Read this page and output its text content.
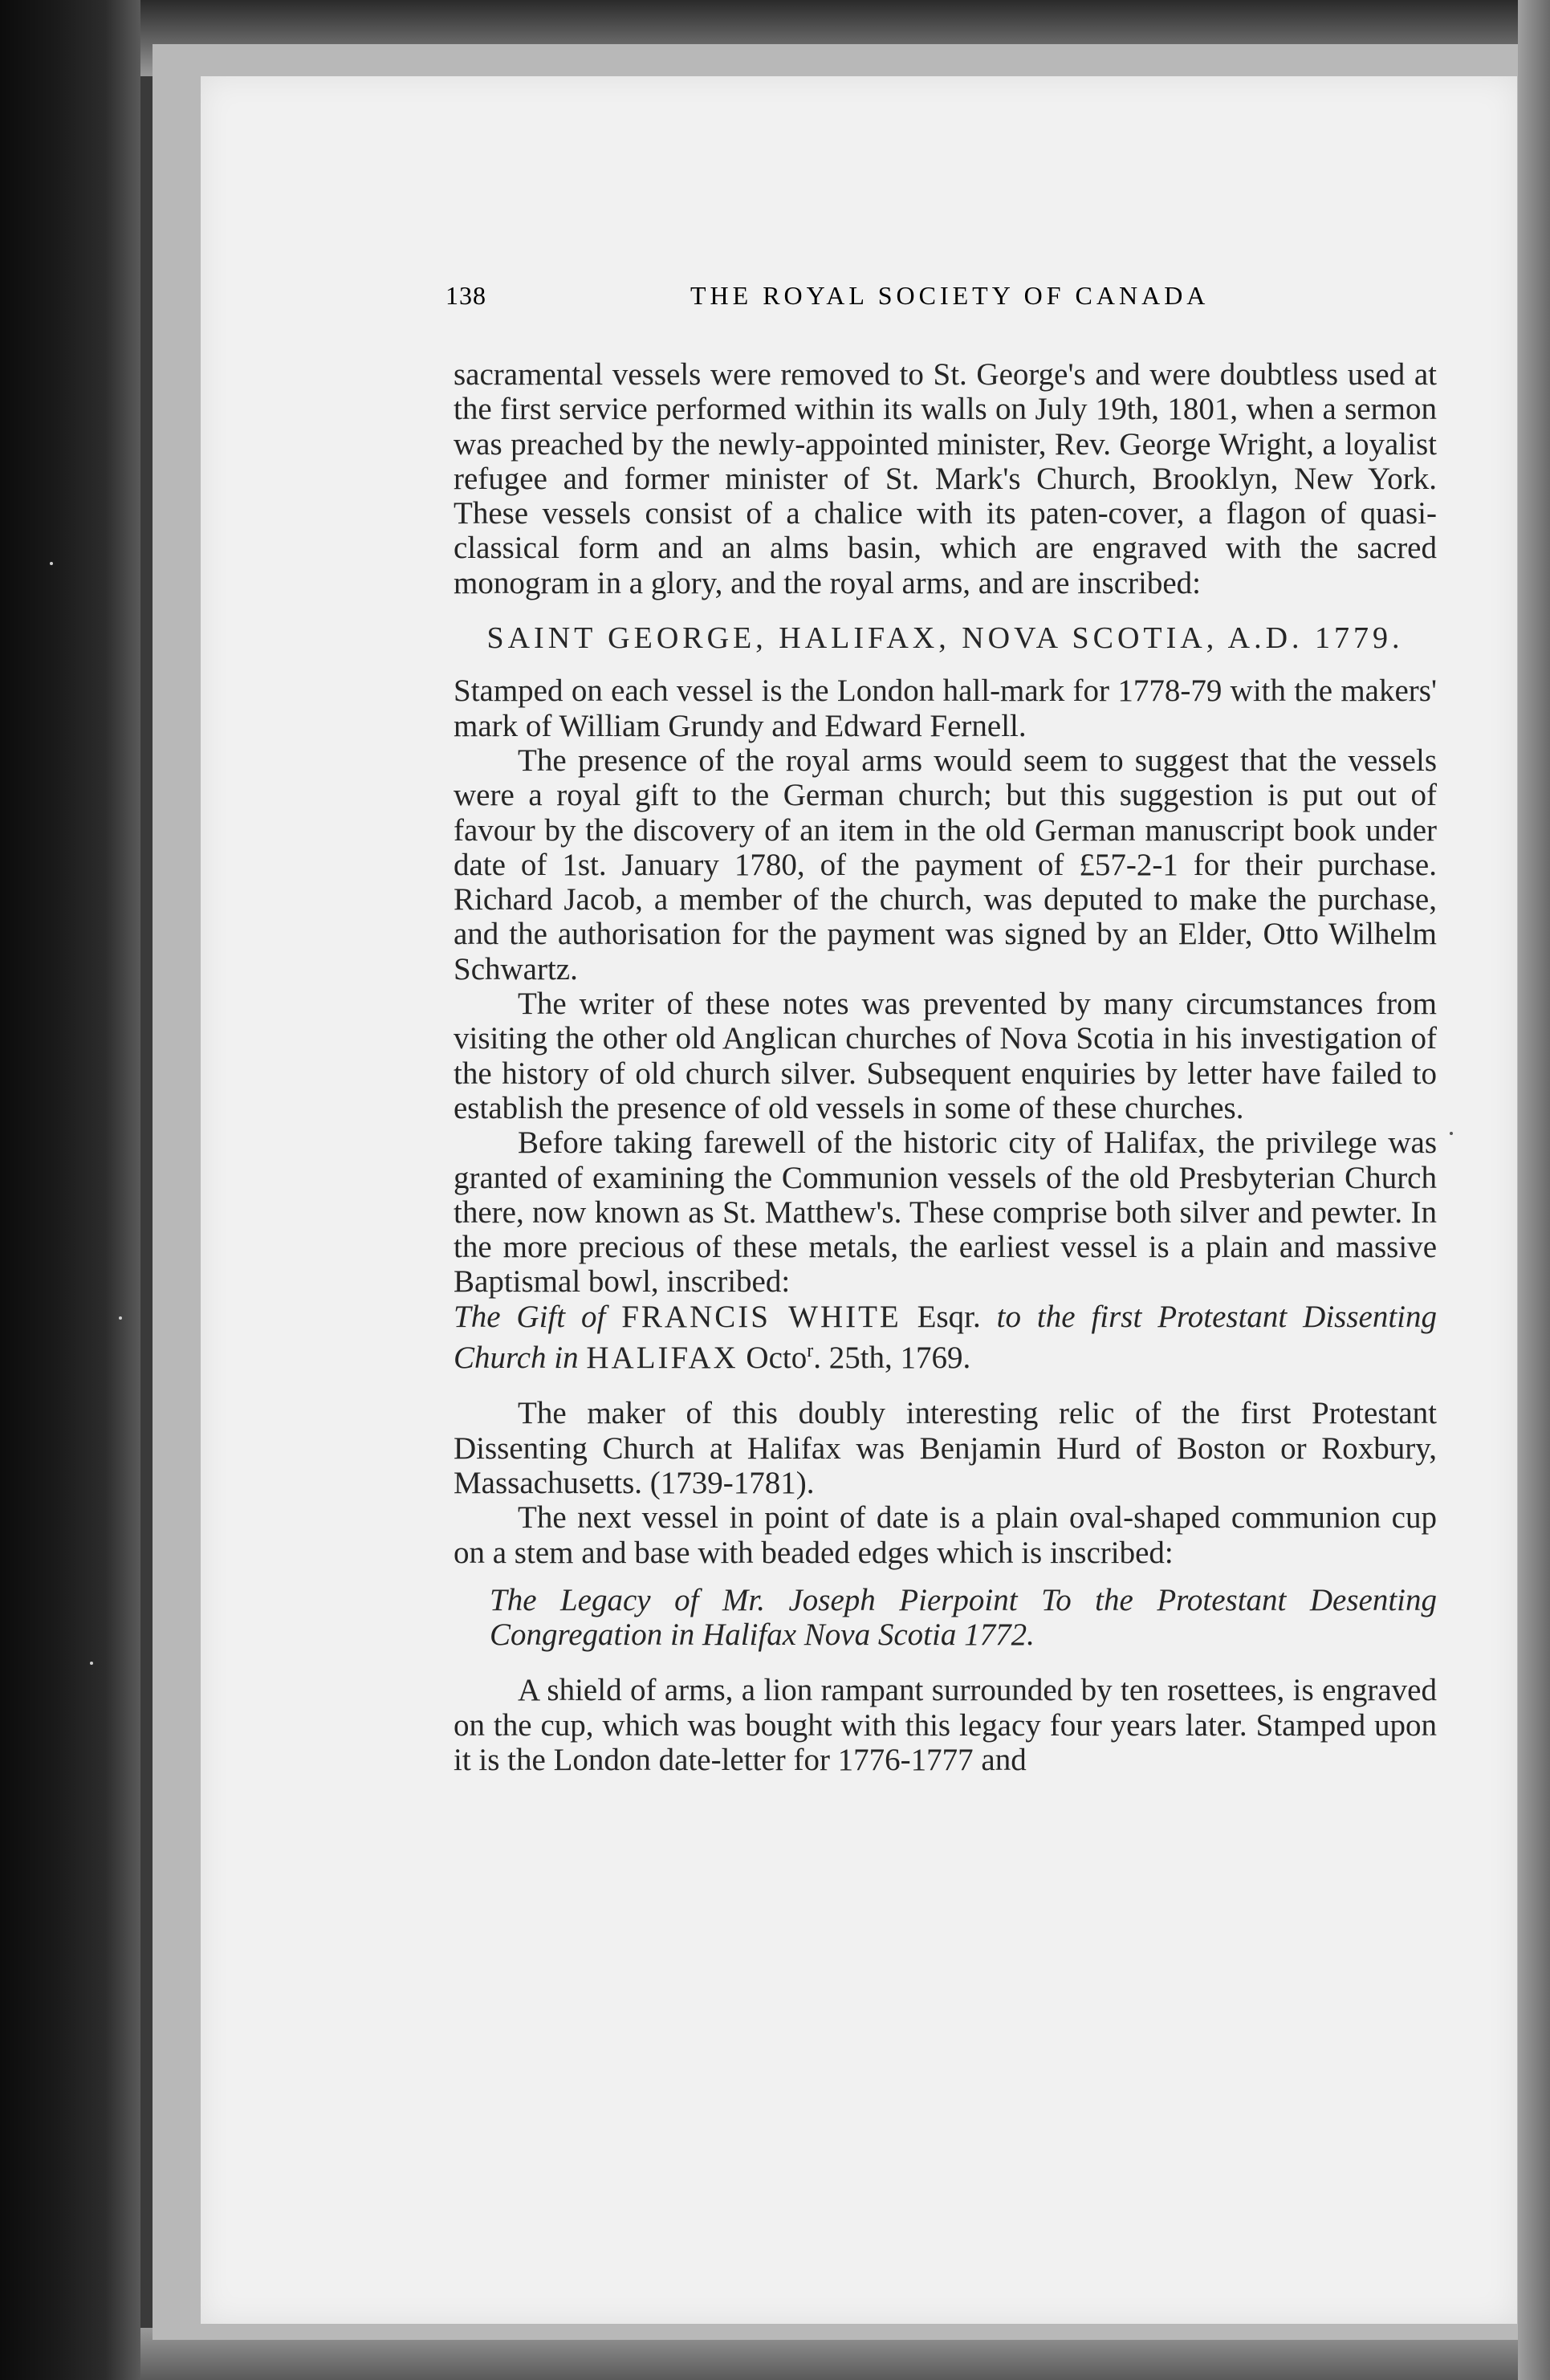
138	THE ROYAL SOCIETY OF CANADA

sacramental vessels were removed to St. George's and were doubtless used at the first service performed within its walls on July 19th, 1801, when a sermon was preached by the newly-appointed minister, Rev. George Wright, a loyalist refugee and former minister of St. Mark's Church, Brooklyn, New York. These vessels consist of a chalice with its paten-cover, a flagon of quasi-classical form and an alms basin, which are engraved with the sacred monogram in a glory, and the royal arms, and are inscribed:

SAINT GEORGE, HALIFAX, NOVA SCOTIA, A.D. 1779.

Stamped on each vessel is the London hall-mark for 1778-79 with the makers' mark of William Grundy and Edward Fernell.

The presence of the royal arms would seem to suggest that the vessels were a royal gift to the German church; but this suggestion is put out of favour by the discovery of an item in the old German manuscript book under date of 1st. January 1780, of the payment of £57-2-1 for their purchase. Richard Jacob, a member of the church, was deputed to make the purchase, and the authorisation for the payment was signed by an Elder, Otto Wilhelm Schwartz.

The writer of these notes was prevented by many circumstances from visiting the other old Anglican churches of Nova Scotia in his investigation of the history of old church silver. Subsequent enquiries by letter have failed to establish the presence of old vessels in some of these churches.

Before taking farewell of the historic city of Halifax, the privilege was granted of examining the Communion vessels of the old Presbyterian Church there, now known as St. Matthew's. These comprise both silver and pewter. In the more precious of these metals, the earliest vessel is a plain and massive Baptismal bowl, inscribed:

The Gift of FRANCIS WHITE Esqr. to the first Protestant Dissenting Church in HALIFAX Octo$^r$. 25th, 1769.

The maker of this doubly interesting relic of the first Protestant Dissenting Church at Halifax was Benjamin Hurd of Boston or Roxbury, Massachusetts. (1739-1781).

The next vessel in point of date is a plain oval-shaped communion cup on a stem and base with beaded edges which is inscribed:

The Legacy of Mr. Joseph Pierpoint To the Protestant Desenting Congregation in Halifax Nova Scotia 1772.

A shield of arms, a lion rampant surrounded by ten rosettees, is engraved on the cup, which was bought with this legacy four years later. Stamped upon it is the London date-letter for 1776-1777 and
